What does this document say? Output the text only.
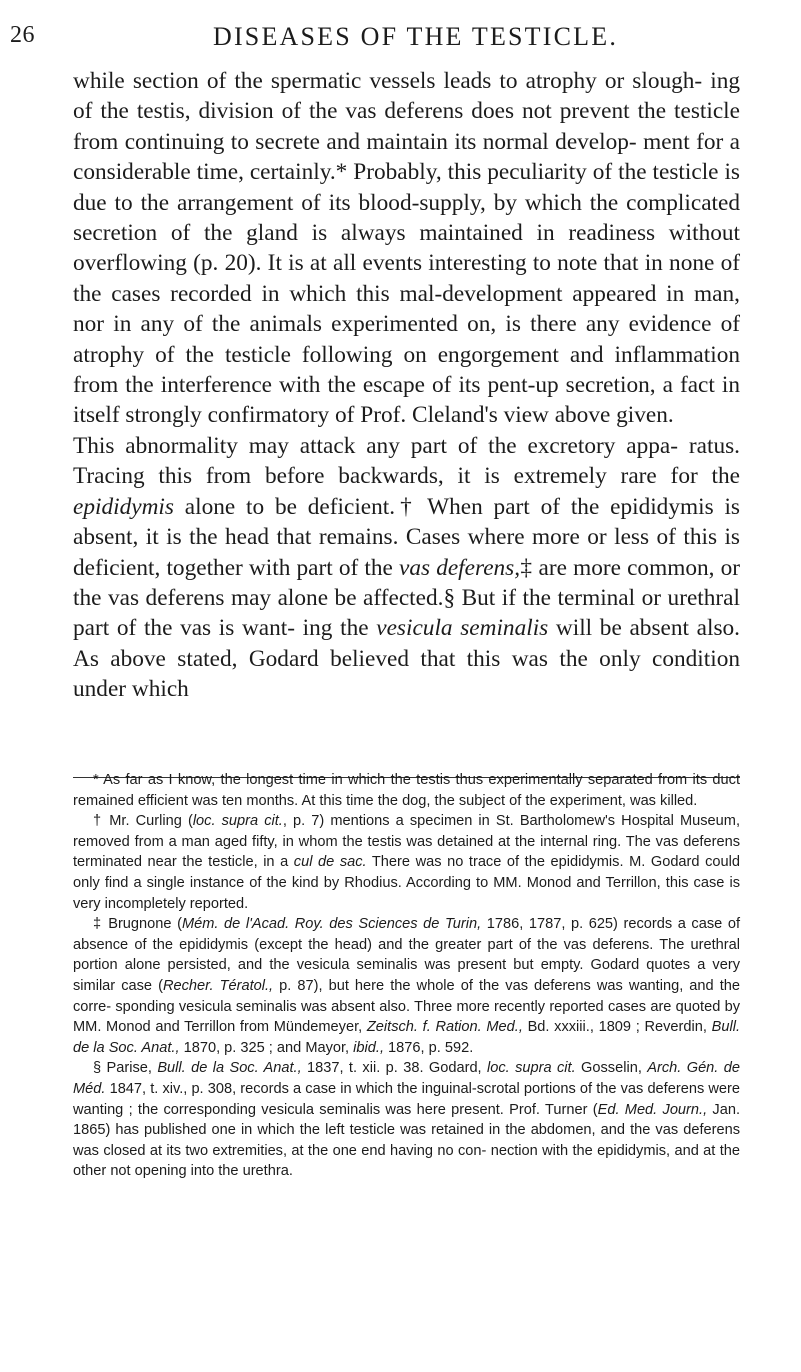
26	DISEASES OF THE TESTICLE.

while section of the spermatic vessels leads to atrophy or slough- ing of the testis, division of the vas deferens does not prevent the testicle from continuing to secrete and maintain its normal develop- ment for a considerable time, certainly.* Probably, this peculiarity of the testicle is due to the arrangement of its blood-supply, by which the complicated secretion of the gland is always maintained in readiness without overflowing (p. 20). It is at all events interesting to note that in none of the cases recorded in which this mal-development appeared in man, nor in any of the animals experimented on, is there any evidence of atrophy of the testicle following on engorgement and inflammation from the interference with the escape of its pent-up secretion, a fact in itself strongly confirmatory of Prof. Cleland's view above given.

This abnormality may attack any part of the excretory appa- ratus. Tracing this from before backwards, it is extremely rare for the epididymis alone to be deficient.† When part of the epididymis is absent, it is the head that remains. Cases where more or less of this is deficient, together with part of the vas deferens,‡ are more common, or the vas deferens may alone be affected.§ But if the terminal or urethral part of the vas is want- ing the vesicula seminalis will be absent also. As above stated, Godard believed that this was the only condition under which

* As far as I know, the longest time in which the testis thus experimentally separated from its duct remained efficient was ten months. At this time the dog, the subject of the experiment, was killed.

† Mr. Curling (loc. supra cit., p. 7) mentions a specimen in St. Bartholomew's Hospital Museum, removed from a man aged fifty, in whom the testis was detained at the internal ring. The vas deferens terminated near the testicle, in a cul de sac. There was no trace of the epididymis. M. Godard could only find a single instance of the kind by Rhodius. According to MM. Monod and Terrillon, this case is very incompletely reported.

‡ Brugnone (Mém. de l'Acad. Roy. des Sciences de Turin, 1786, 1787, p. 625) records a case of absence of the epididymis (except the head) and the greater part of the vas deferens. The urethral portion alone persisted, and the vesicula seminalis was present but empty. Godard quotes a very similar case (Recher. Tératol., p. 87), but here the whole of the vas deferens was wanting, and the corre- sponding vesicula seminalis was absent also. Three more recently reported cases are quoted by MM. Monod and Terrillon from Mündemeyer, Zeitsch. f. Ration. Med., Bd. xxxiii., 1809 ; Reverdin, Bull. de la Soc. Anat., 1870, p. 325 ; and Mayor, ibid., 1876, p. 592.

§ Parise, Bull. de la Soc. Anat., 1837, t. xii. p. 38. Godard, loc. supra cit. Gosselin, Arch. Gén. de Méd. 1847, t. xiv., p. 308, records a case in which the inguinal-scrotal portions of the vas deferens were wanting ; the corresponding vesicula seminalis was here present. Prof. Turner (Ed. Med. Journ., Jan. 1865) has published one in which the left testicle was retained in the abdomen, and the vas deferens was closed at its two extremities, at the one end having no con- nection with the epididymis, and at the other not opening into the urethra.
